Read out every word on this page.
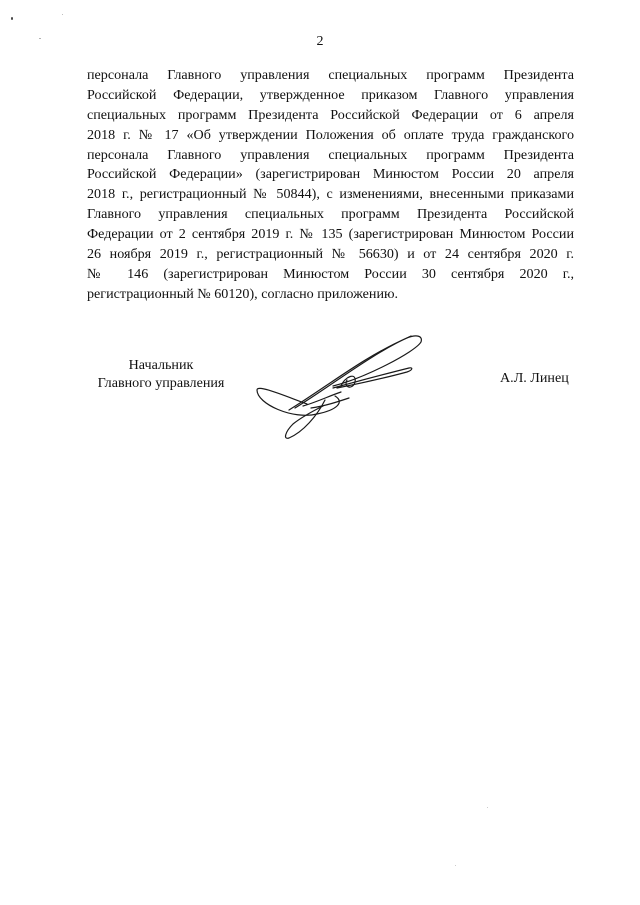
2
персонала Главного управления специальных программ Президента
Российской Федерации, утвержденное приказом Главного управления
специальных программ Президента Российской Федерации от 6 апреля
2018 г. № 17 «Об утверждении Положения об оплате труда гражданского
персонала Главного управления специальных программ Президента
Российской Федерации» (зарегистрирован Минюстом России 20 апреля
2018 г., регистрационный № 50844), с изменениями, внесенными приказами
Главного управления специальных программ Президента Российской
Федерации от 2 сентября 2019 г. № 135 (зарегистрирован Минюстом России
26 ноября 2019 г., регистрационный № 56630) и от 24 сентября 2020 г.
№ 146 (зарегистрирован Минюстом России 30 сентября 2020 г.,
регистрационный № 60120), согласно приложению.
Начальник
Главного управления	А.Л. Линец
